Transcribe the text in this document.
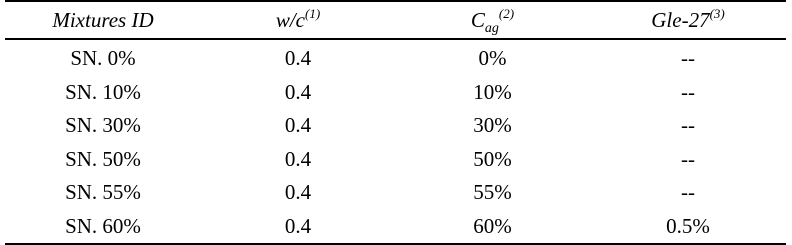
Mixtures ID	$w/c^{(1)}$	$C_{ag}^{(2)}$	Gle-27$^{(3)}$
SN. 0%	0.4	0%	--
SN. 10%	0.4	10%	--
SN. 30%	0.4	30%	--
SN. 50%	0.4	50%	--
SN. 55%	0.4	55%	--
SN. 60%	0.4	60%	0.5%
